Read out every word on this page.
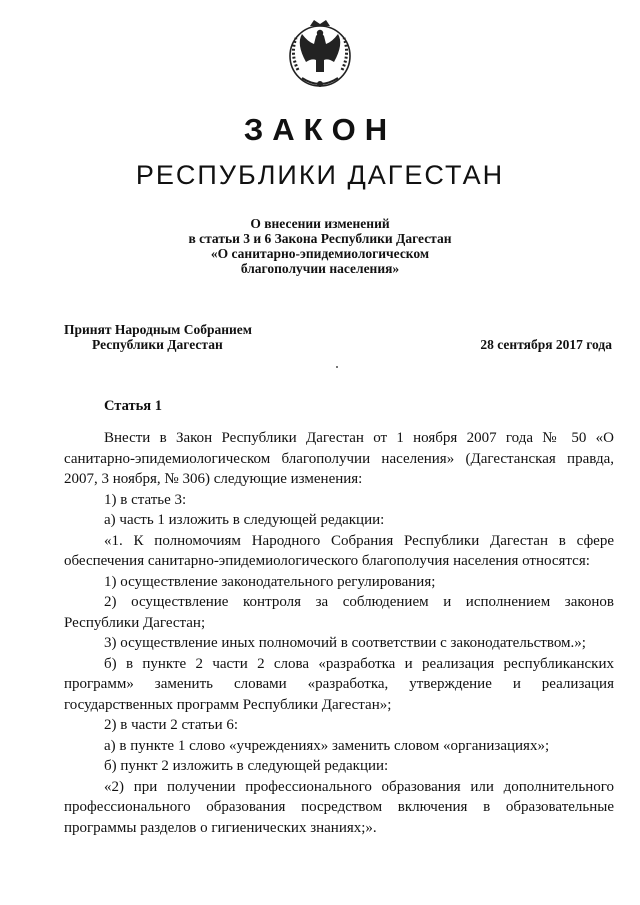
ЗАКОН
РЕСПУБЛИКИ ДАГЕСТАН
О внесении изменений
в статьи 3 и 6 Закона Республики Дагестан
«О санитарно-эпидемиологическом
благополучии населения»
Принят Народным Собранием
Республики Дагестан	28 сентября 2017 года
Статья 1

Внести в Закон Республики Дагестан от 1 ноября 2007 года № 50 «О санитарно-эпидемиологическом благополучии населения» (Дагестанская правда, 2007, 3 ноября, № 306) следующие изменения:

1) в статье 3:

а) часть 1 изложить в следующей редакции:

«1. К полномочиям Народного Собрания Республики Дагестан в сфере обеспечения санитарно-эпидемиологического благополучия населения относятся:

1) осуществление законодательного регулирования;

2) осуществление контроля за соблюдением и исполнением законов Республики Дагестан;

3) осуществление иных полномочий в соответствии с законодательством.»;

б) в пункте 2 части 2 слова «разработка и реализация республиканских программ» заменить словами «разработка, утверждение и реализация государственных программ Республики Дагестан»;

2) в части 2 статьи 6:

а) в пункте 1 слово «учреждениях» заменить словом «организациях»;

б) пункт 2 изложить в следующей редакции:

«2) при получении профессионального образования или дополнительного профессионального образования посредством включения в образовательные программы разделов о гигиенических знаниях;».
